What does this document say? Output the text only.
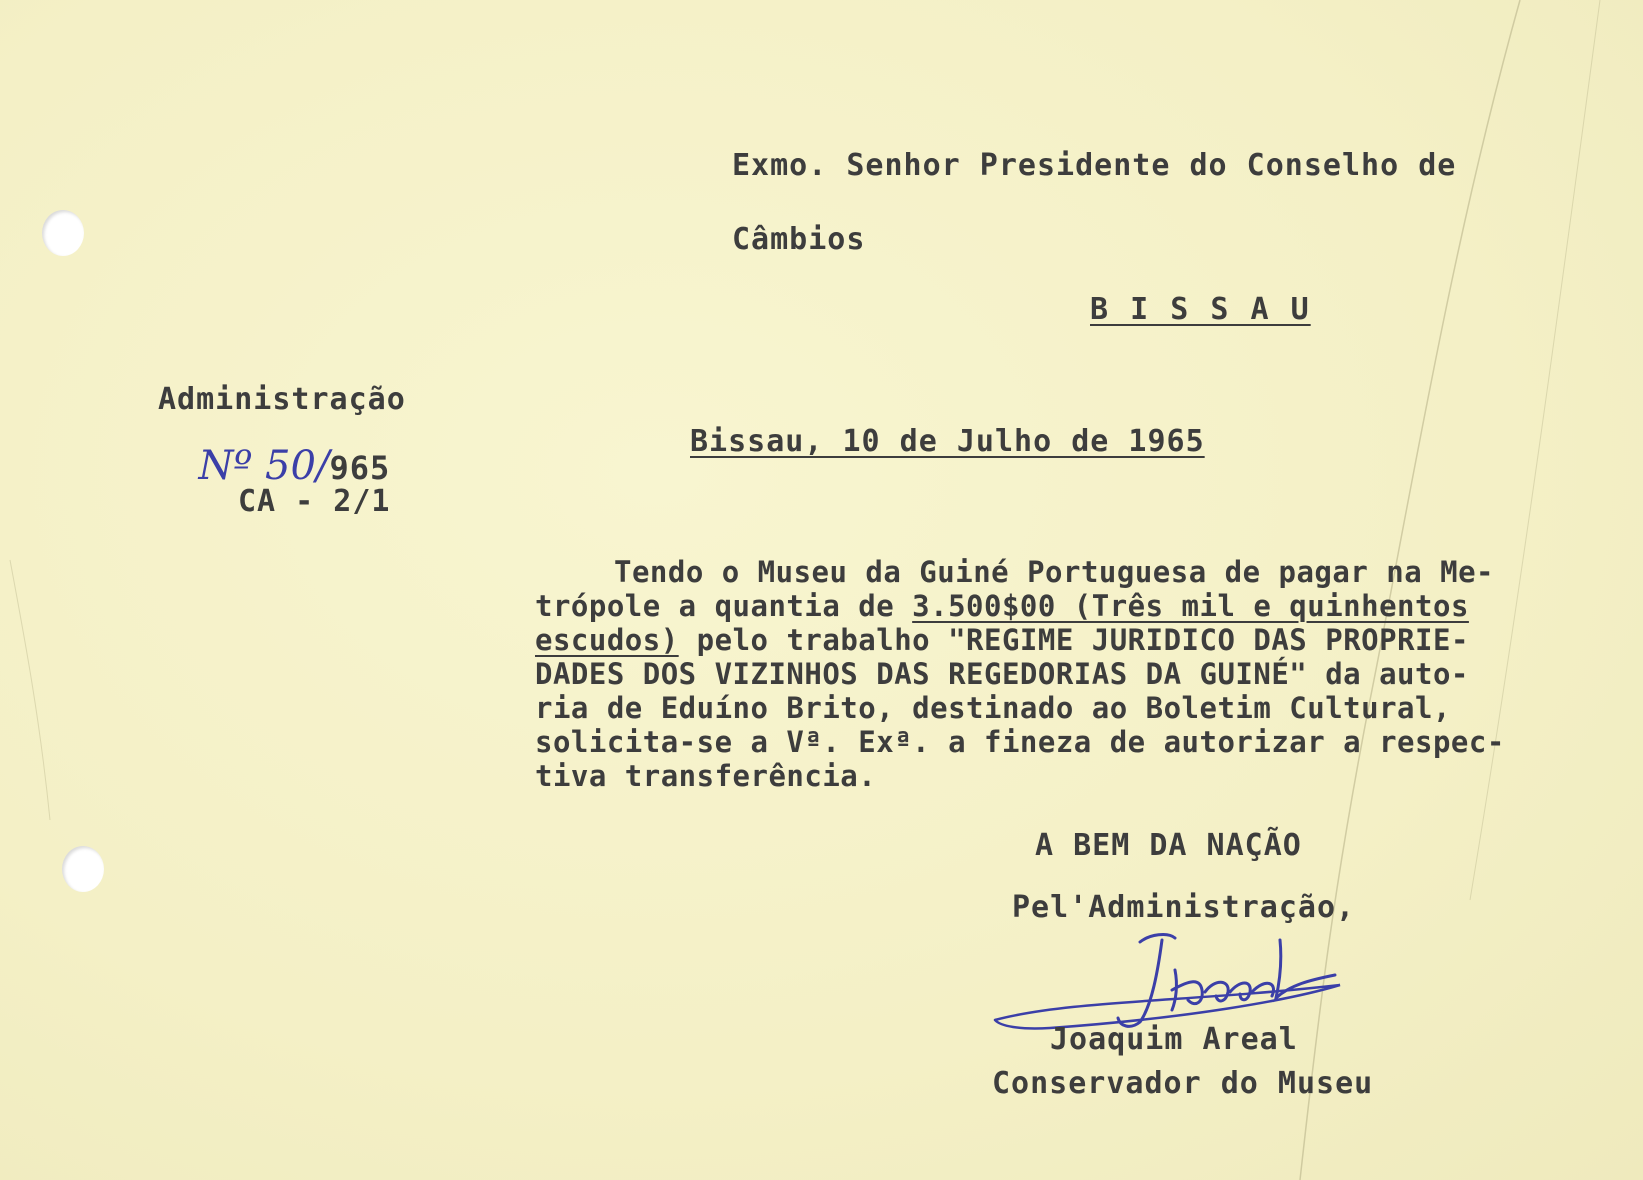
Exmo. Senhor Presidente do Conselho de
Câmbios
B I S S A U
Administração

Nº 50/965

CA - 2/1
Bissau, 10 de Julho de 1965
Tendo o Museu da Guiné Portuguesa de pagar na Me-
trópole a quantia de 3.500$00 (Três mil e quinhentos
escudos) pelo trabalho "REGIME JURIDICO DAS PROPRIE-
DADES DOS VIZINHOS DAS REGEDORIAS DA GUINÉ" da auto-
ria de Eduíno Brito, destinado ao Boletim Cultural,
solicita-se a Vª. Exª. a fineza de autorizar a respec-
tiva transferência.
A BEM DA NAÇÃO
Pel'Administração,
Joaquim Areal
Conservador do Museu
